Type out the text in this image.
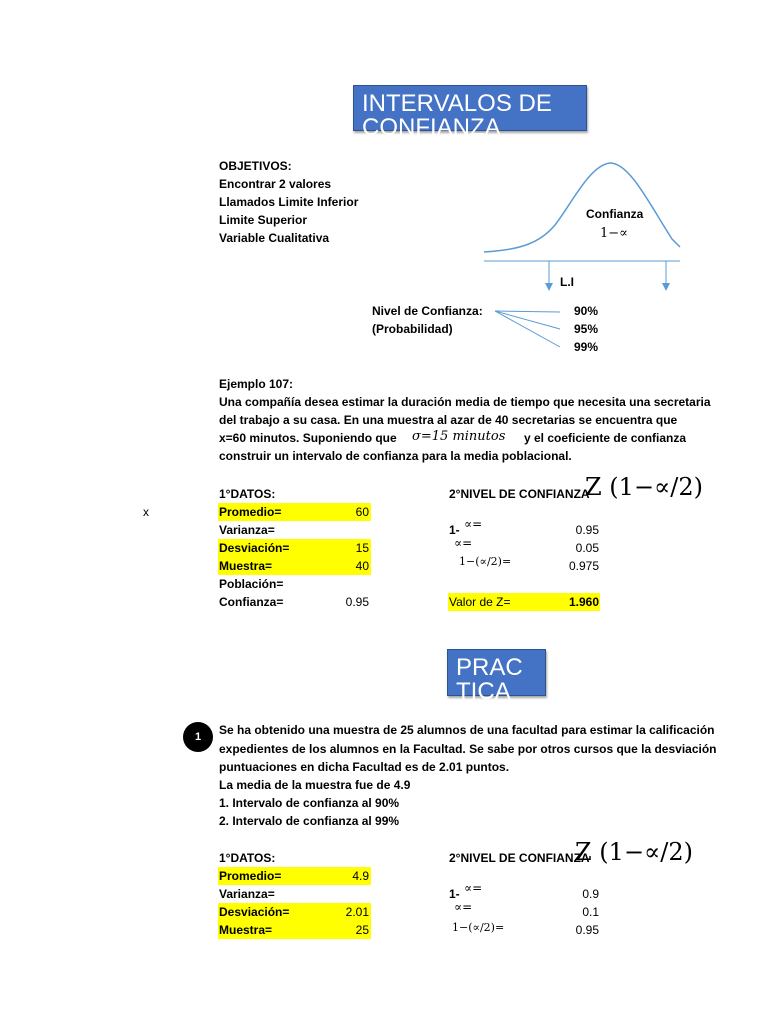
INTERVALOS DE CONFIANZA
OBJETIVOS:
Encontrar 2 valores
Llamados Limite Inferior
Limite Superior
Variable Cualitativa
Confianza
1−∝
L.I
Nivel de Confianza:
(Probabilidad)
90%
95%
99%
Ejemplo 107:
Una compañía desea estimar la duración media de tiempo que necesita una secretaria
del trabajo a su casa. En una muestra al azar de 40 secretarias se encuentra que
x=60 minutos. Suponiendo que σ=15 minutos y el coeficiente de confianza
construir un intervalo de confianza para la media poblacional.
x
1°DATOS:
Promedio=	60
Varianza=
Desviación=	15
Muestra=	40
Población=
Confianza=	0.95
2°NIVEL DE CONFIANZA
Z (1−∝/2)
1- ∝=	0.95
∝=	0.05
1−(∝/2)=	0.975
Valor de Z=	1.960
PRAC TICA
1	Se ha obtenido una muestra de 25 alumnos de una facultad para estimar la calificación
expedientes de los alumnos en la Facultad. Se sabe por otros cursos que la desviación
puntuaciones en dicha Facultad es de 2.01 puntos.
La media de la muestra fue de 4.9
1. Intervalo de confianza al 90%
2. Intervalo de confianza al 99%
1°DATOS:
Promedio=	4.9
Varianza=
Desviación=	2.01
Muestra=	25
2°NIVEL DE CONFIANZA
Z (1−∝/2)
1- ∝=	0.9
∝=	0.1
1−(∝/2)=	0.95
